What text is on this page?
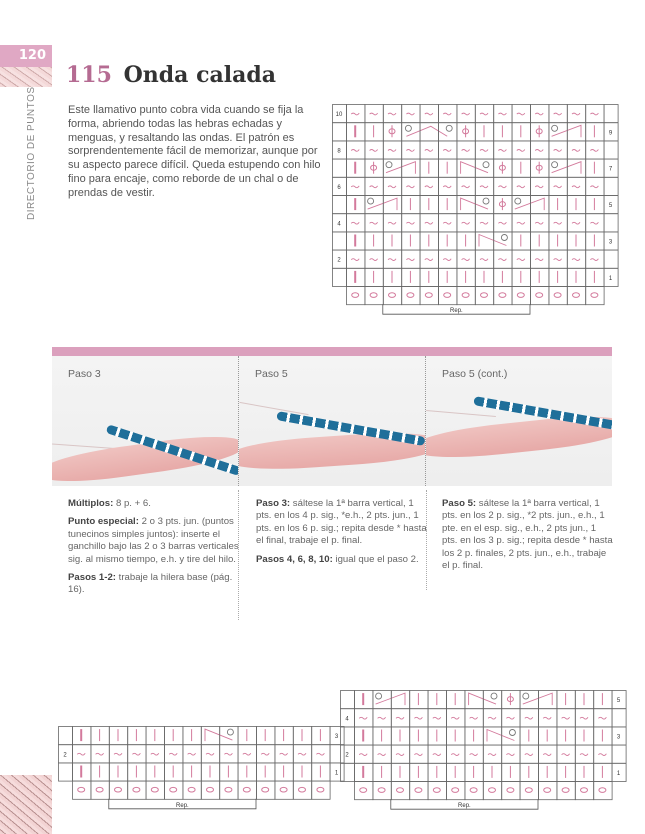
120
DIRECTORIO DE PUNTOS
115 Onda calada

Este llamativo punto cobra vida cuando se fija la forma, abriendo todas las hebras echadas y menguas, y resaltando las ondas. El patrón es sorprendentemente fácil de memorizar, aunque por su aspecto parece difícil. Queda estupendo con hilo fino para encaje, como reborde de un chal o de prendas de vestir.

10
9
8
7
6
5
4
3
2
1
Rep.
Paso 3	Paso 5	Paso 5 (cont.)

Múltiplos: 8 p. + 6.

Punto especial: 2 o 3 pts. jun. (puntos tunecinos simples juntos): inserte el ganchillo bajo las 2 o 3 barras verticales sig. al mismo tiempo, e.h. y tire del hilo.

Pasos 1-2: trabaje la hilera base (pág. 16).

Paso 3: sáltese la 1ª barra vertical, 1 pts. en los 4 p. sig., *e.h., 2 pts. jun., 1 pts. en los 6 p. sig.; repita desde * hasta el final, trabaje el p. final.

Pasos 4, 6, 8, 10: igual que el paso 2.

Paso 5: sáltese la 1ª barra vertical, 1 pts. en los 2 p. sig., *2 pts. jun., e.h., 1 pte. en el esp. sig., e.h., 2 pts jun., 1 pts. en los 3 p. sig.; repita desde * hasta los 2 p. finales, 2 pts. jun., e.h., trabaje el p. final.

3
2
1
Rep.
5
4
3
2
1
Rep.
